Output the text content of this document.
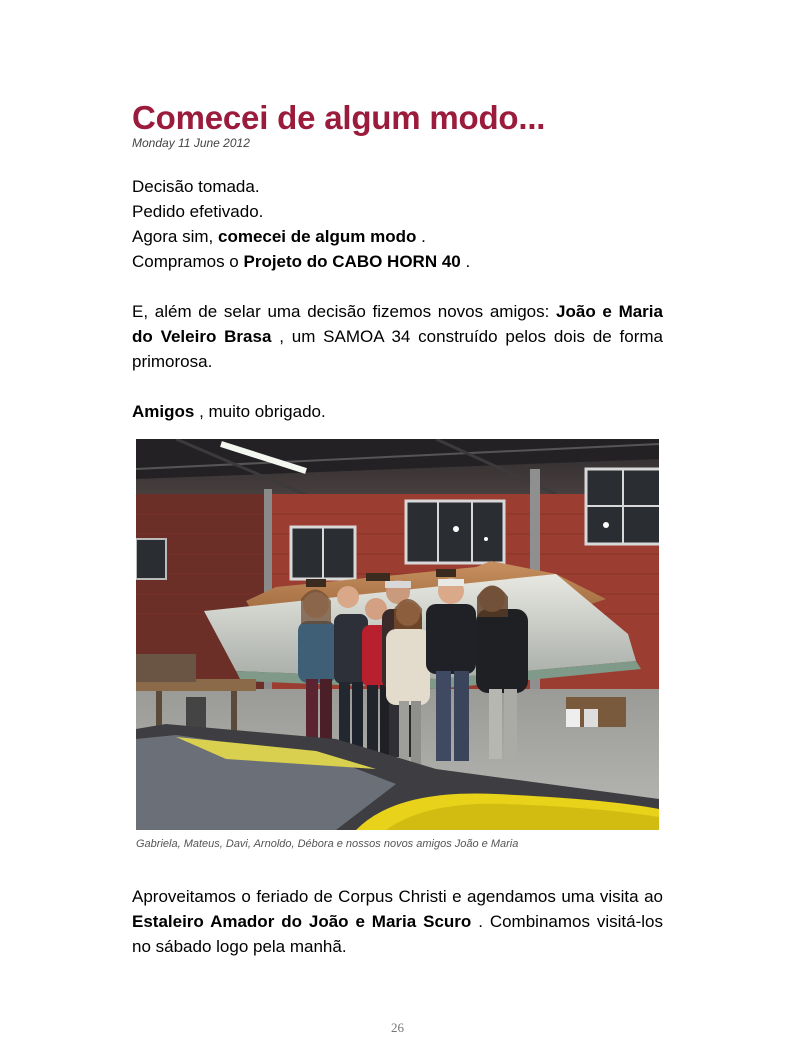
Comecei de algum modo...
Monday 11 June 2012

Decisão tomada.

Pedido efetivado.

Agora sim, comecei de algum modo .

Compramos o Projeto do CABO HORN 40 .

E, além de selar uma decisão fizemos novos amigos: João e Maria do Veleiro Brasa , um SAMOA 34 construído pelos dois de forma primorosa.

Amigos , muito obrigado.

Gabriela, Mateus, Davi, Arnoldo, Débora e nossos novos amigos João e Maria

Aproveitamos o feriado de Corpus Christi e agendamos uma visita ao Estaleiro Amador do João e Maria Scuro . Combinamos visitá-los no sábado logo pela manhã.

26
